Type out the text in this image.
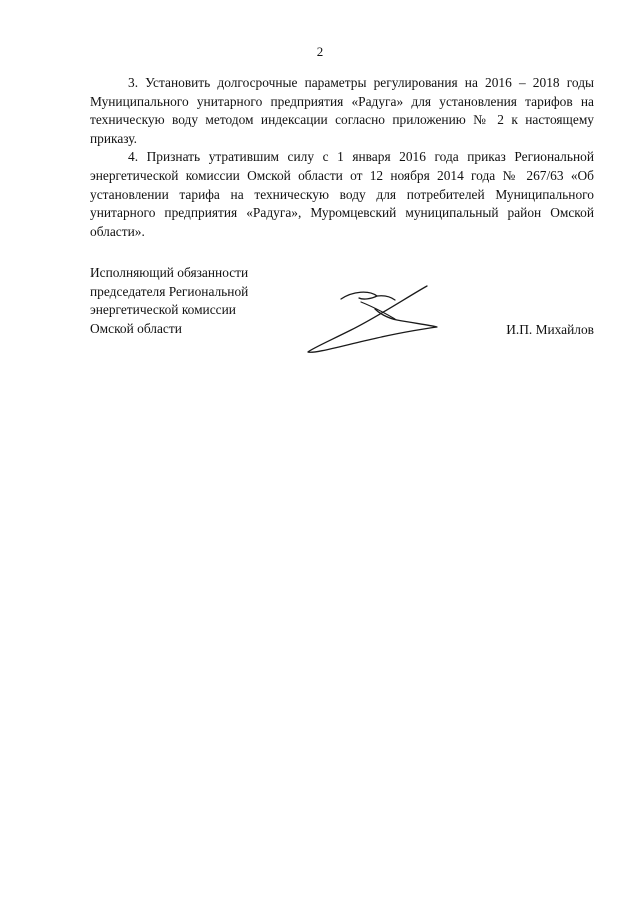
2

3. Установить долгосрочные параметры регулирования на 2016 – 2018 годы Муниципального унитарного предприятия «Радуга» для установления тарифов на техническую воду методом индексации согласно приложению № 2 к настоящему приказу.

4. Признать утратившим силу с 1 января 2016 года приказ Региональной энергетической комиссии Омской области от 12 ноября 2014 года № 267/63 «Об установлении тарифа на техническую воду для потребителей Муниципального унитарного предприятия «Радуга», Муромцевский муниципальный район Омской области».

Исполняющий обязанности
председателя Региональной
энергетической комиссии
Омской области	И.П. Михайлов
